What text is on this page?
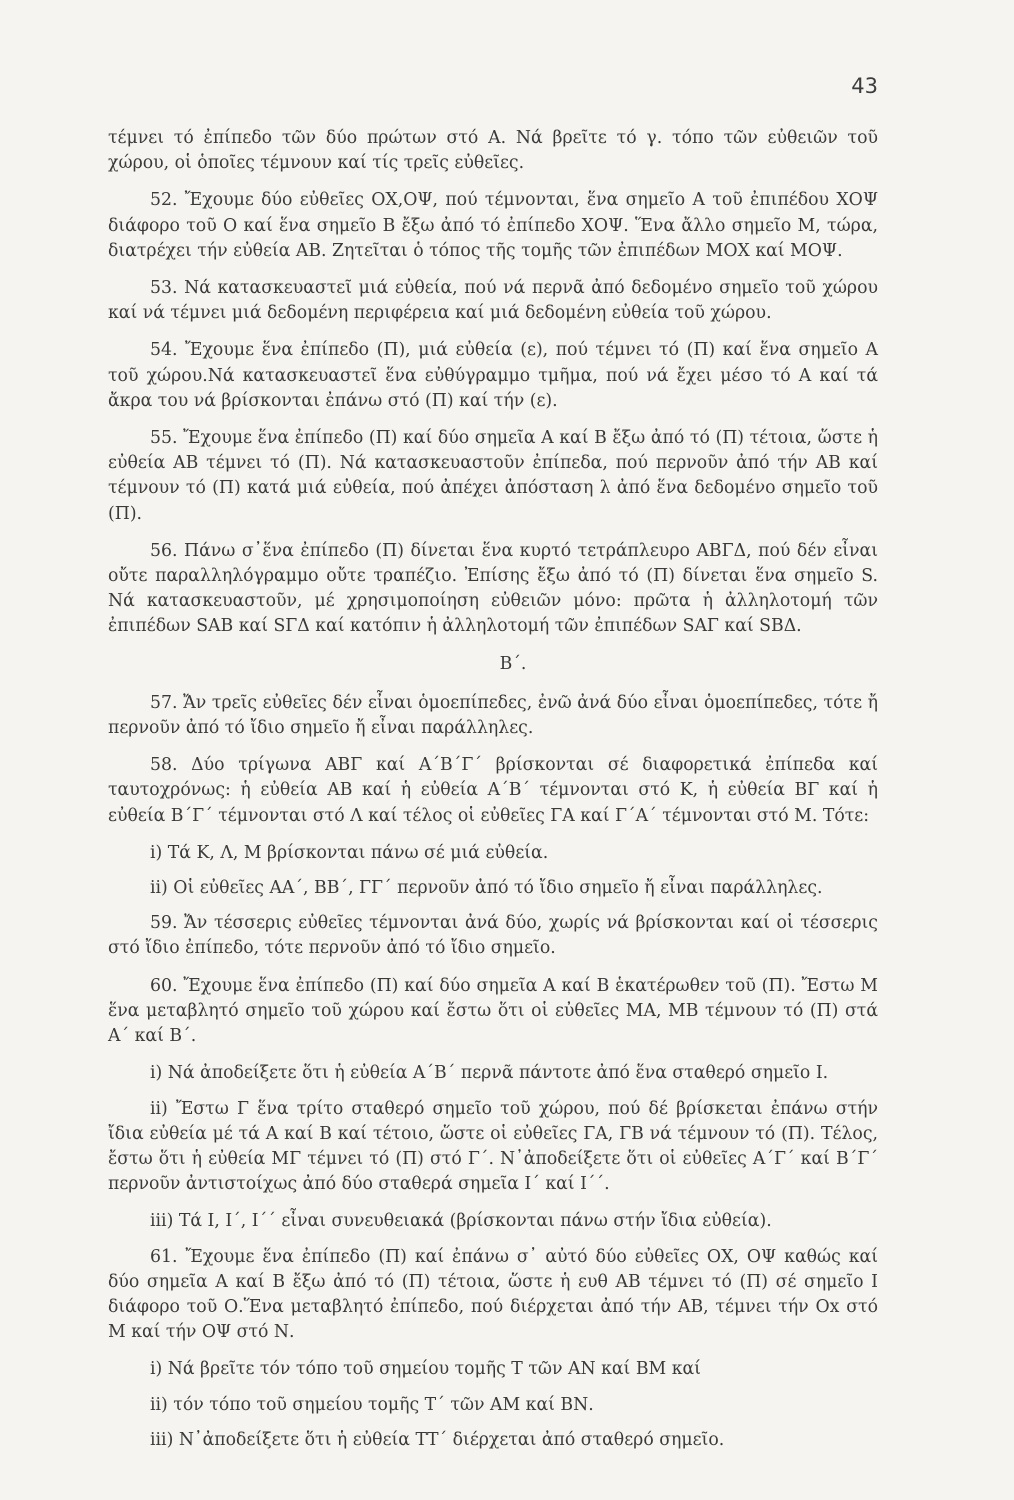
43

τέμνει τό ἐπίπεδο τῶν δύο πρώτων στό Α. Νά βρεῖτε τό γ. τόπο τῶν εὐθειῶν τοῦ χώρου, οἱ ὁποῖες τέμνουν καί τίς τρεῖς εὐθεῖες.

52. Ἔχουμε δύο εὐθεῖες ΟΧ,ΟΨ, πού τέμνονται, ἕνα σημεῖο Α τοῦ ἐπιπέδου ΧΟΨ διάφορο τοῦ Ο καί ἕνα σημεῖο Β ἔξω ἀπό τό ἐπίπεδο ΧΟΨ. Ἕνα ἄλλο σημεῖο Μ, τώρα, διατρέχει τήν εὐθεία ΑΒ. Ζητεῖται ὁ τόπος τῆς τομῆς τῶν ἐπιπέδων ΜΟΧ καί ΜΟΨ.

53. Νά κατασκευαστεῖ μιά εὐθεία, πού νά περνᾶ ἀπό δεδομένο σημεῖο τοῦ χώρου καί νά τέμνει μιά δεδομένη περιφέρεια καί μιά δεδομένη εὐθεία τοῦ χώρου.

54. Ἔχουμε ἕνα ἐπίπεδο (Π), μιά εὐθεία (ε), πού τέμνει τό (Π) καί ἕνα σημεῖο Α τοῦ χώρου.Νά κατασκευαστεῖ ἕνα εὐθύγραμμο τμῆμα, πού νά ἔχει μέσο τό Α καί τά ἄκρα του νά βρίσκονται ἐπάνω στό (Π) καί τήν (ε).

55. Ἔχουμε ἕνα ἐπίπεδο (Π) καί δύο σημεῖα Α καί Β ἔξω ἀπό τό (Π) τέτοια, ὥστε ἡ εὐθεία ΑΒ τέμνει τό (Π). Νά κατασκευαστοῦν ἐπίπεδα, πού περνοῦν ἀπό τήν ΑΒ καί τέμνουν τό (Π) κατά μιά εὐθεία, πού ἀπέχει ἀπόσταση λ ἀπό ἕνα δεδομένο σημεῖο τοῦ (Π).

56. Πάνω σ᾽ἕνα ἐπίπεδο (Π) δίνεται ἕνα κυρτό τετράπλευρο ΑΒΓΔ, πού δέν εἶναι οὔτε παραλληλόγραμμο οὔτε τραπέζιο. Ἐπίσης ἔξω ἀπό τό (Π) δίνεται ἕνα σημεῖο S. Νά κατασκευαστοῦν, μέ χρησιμοποίηση εὐθειῶν μόνο: πρῶτα ἡ ἀλληλοτομή τῶν ἐπιπέδων SAB καί SΓΔ καί κατόπιν ἡ ἀλληλοτομή τῶν ἐπιπέδων SAΓ καί SΒΔ.

Β΄.

57. Ἄν τρεῖς εὐθεῖες δέν εἶναι ὁμοεπίπεδες, ἐνῶ ἀνά δύο εἶναι ὁμοεπίπεδες, τότε ἤ περνοῦν ἀπό τό ἴδιο σημεῖο ἤ εἶναι παράλληλες.

58. Δύο τρίγωνα ΑΒΓ καί Α΄Β΄Γ΄ βρίσκονται σέ διαφορετικά ἐπίπεδα καί ταυτοχρόνως: ἡ εὐθεία ΑΒ καί ἡ εὐθεία Α΄Β΄ τέμνονται στό Κ, ἡ εὐθεία ΒΓ καί ἡ εὐθεία Β΄Γ΄ τέμνονται στό Λ καί τέλος οἱ εὐθεῖες ΓΑ καί Γ΄Α΄ τέμνονται στό Μ. Τότε:

i) Τά Κ, Λ, Μ βρίσκονται πάνω σέ μιά εὐθεία.

ii) Οἱ εὐθεῖες ΑΑ΄, ΒΒ΄, ΓΓ΄ περνοῦν ἀπό τό ἴδιο σημεῖο ἤ εἶναι παράλληλες.

59. Ἄν τέσσερις εὐθεῖες τέμνονται ἀνά δύο, χωρίς νά βρίσκονται καί οἱ τέσσερις στό ἴδιο ἐπίπεδο, τότε περνοῦν ἀπό τό ἴδιο σημεῖο.

60. Ἔχουμε ἕνα ἐπίπεδο (Π) καί δύο σημεῖα Α καί Β ἑκατέρωθεν τοῦ (Π). Ἔστω Μ ἕνα μεταβλητό σημεῖο τοῦ χώρου καί ἔστω ὅτι οἱ εὐθεῖες ΜΑ, ΜΒ τέμνουν τό (Π) στά Α΄ καί Β΄.

i) Νά ἀποδείξετε ὅτι ἡ εὐθεία Α΄Β΄ περνᾶ πάντοτε ἀπό ἕνα σταθερό σημεῖο Ι.

ii) Ἔστω Γ ἕνα τρίτο σταθερό σημεῖο τοῦ χώρου, πού δέ βρίσκεται ἐπάνω στήν ἴδια εὐθεία μέ τά Α καί Β καί τέτοιο, ὥστε οἱ εὐθεῖες ΓΑ, ΓΒ νά τέμνουν τό (Π). Τέλος, ἔστω ὅτι ἡ εὐθεία ΜΓ τέμνει τό (Π) στό Γ΄. Ν᾽ἀποδείξετε ὅτι οἱ εὐθεῖες Α΄Γ΄ καί Β΄Γ΄ περνοῦν ἀντιστοίχως ἀπό δύο σταθερά σημεῖα Ι΄ καί Ι΄΄.

iii) Τά Ι, Ι΄, Ι΄΄ εἶναι συνευθειακά (βρίσκονται πάνω στήν ἴδια εὐθεία).

61. Ἔχουμε ἕνα ἐπίπεδο (Π) καί ἐπάνω σ᾽ αὐτό δύο εὐθεῖες ΟΧ, ΟΨ καθώς καί δύο σημεῖα Α καί Β ἔξω ἀπό τό (Π) τέτοια, ὥστε ἡ ευθ ΑΒ τέμνει τό (Π) σέ σημεῖο Ι διάφορο τοῦ Ο.Ἕνα μεταβλητό ἐπίπεδο, πού διέρχεται ἀπό τήν ΑΒ, τέμνει τήν Οx στό Μ καί τήν ΟΨ στό Ν.

i) Νά βρεῖτε τόν τόπο τοῦ σημείου τομῆς Τ τῶν ΑΝ καί ΒΜ καί

ii) τόν τόπο τοῦ σημείου τομῆς Τ΄ τῶν ΑΜ καί ΒΝ.

iii) Ν᾽ἀποδείξετε ὅτι ἡ εὐθεία ΤΤ΄ διέρχεται ἀπό σταθερό σημεῖο.
